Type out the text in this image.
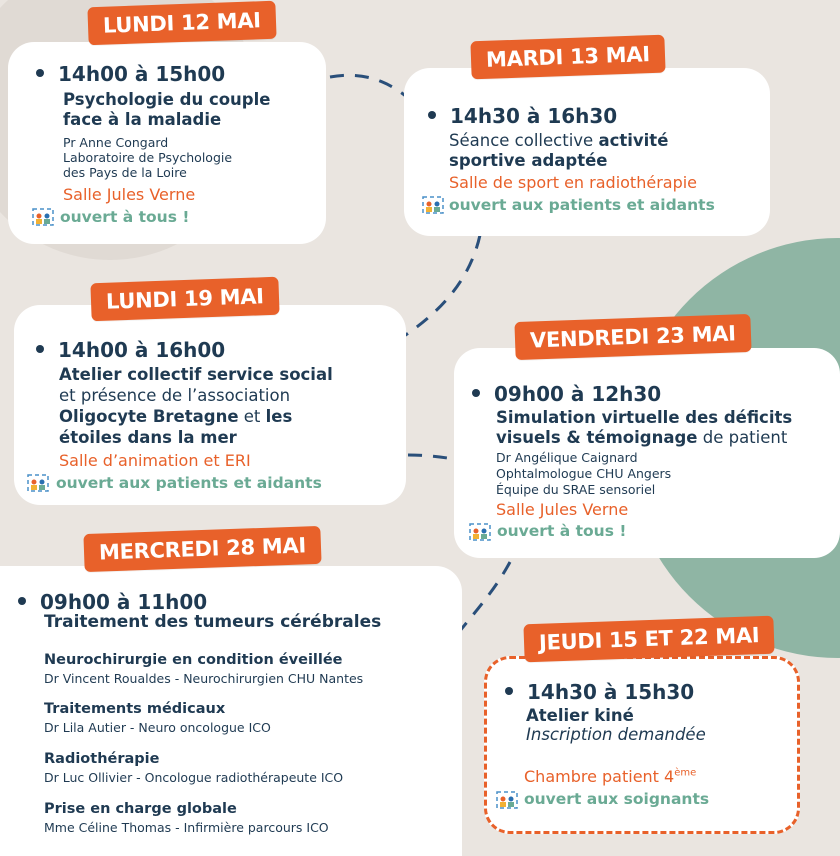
LUNDI 12 MAI
14h00 à 15h00
Psychologie du couple
face à la maladie
Pr Anne Congard
Laboratoire de Psychologie
des Pays de la Loire
Salle Jules Verne
ouvert à tous !
MARDI 13 MAI
14h30 à 16h30
Séance collective activité
sportive adaptée
Salle de sport en radiothérapie
ouvert aux patients et aidants
LUNDI 19 MAI
14h00 à 16h00
Atelier collectif service social
et présence de l’association
Oligocyte Bretagne et les
étoiles dans la mer
Salle d’animation et ERI
ouvert aux patients et aidants
VENDREDI 23 MAI
09h00 à 12h30
Simulation virtuelle des déficits
visuels & témoignage de patient
Dr Angélique Caignard
Ophtalmologue CHU Angers
Équipe du SRAE sensoriel
Salle Jules Verne
ouvert à tous !
MERCREDI 28 MAI
09h00 à 11h00
Traitement des tumeurs cérébrales
Neurochirurgie en condition éveillée
Dr Vincent Roualdes - Neurochirurgien CHU Nantes
Traitements médicaux
Dr Lila Autier - Neuro oncologue ICO
Radiothérapie
Dr Luc Ollivier - Oncologue radiothérapeute ICO
Prise en charge globale
Mme Céline Thomas - Infirmière parcours ICO
JEUDI 15 ET 22 MAI
14h30 à 15h30
Atelier kiné
Inscription demandée
Chambre patient 4ème
ouvert aux soignants
